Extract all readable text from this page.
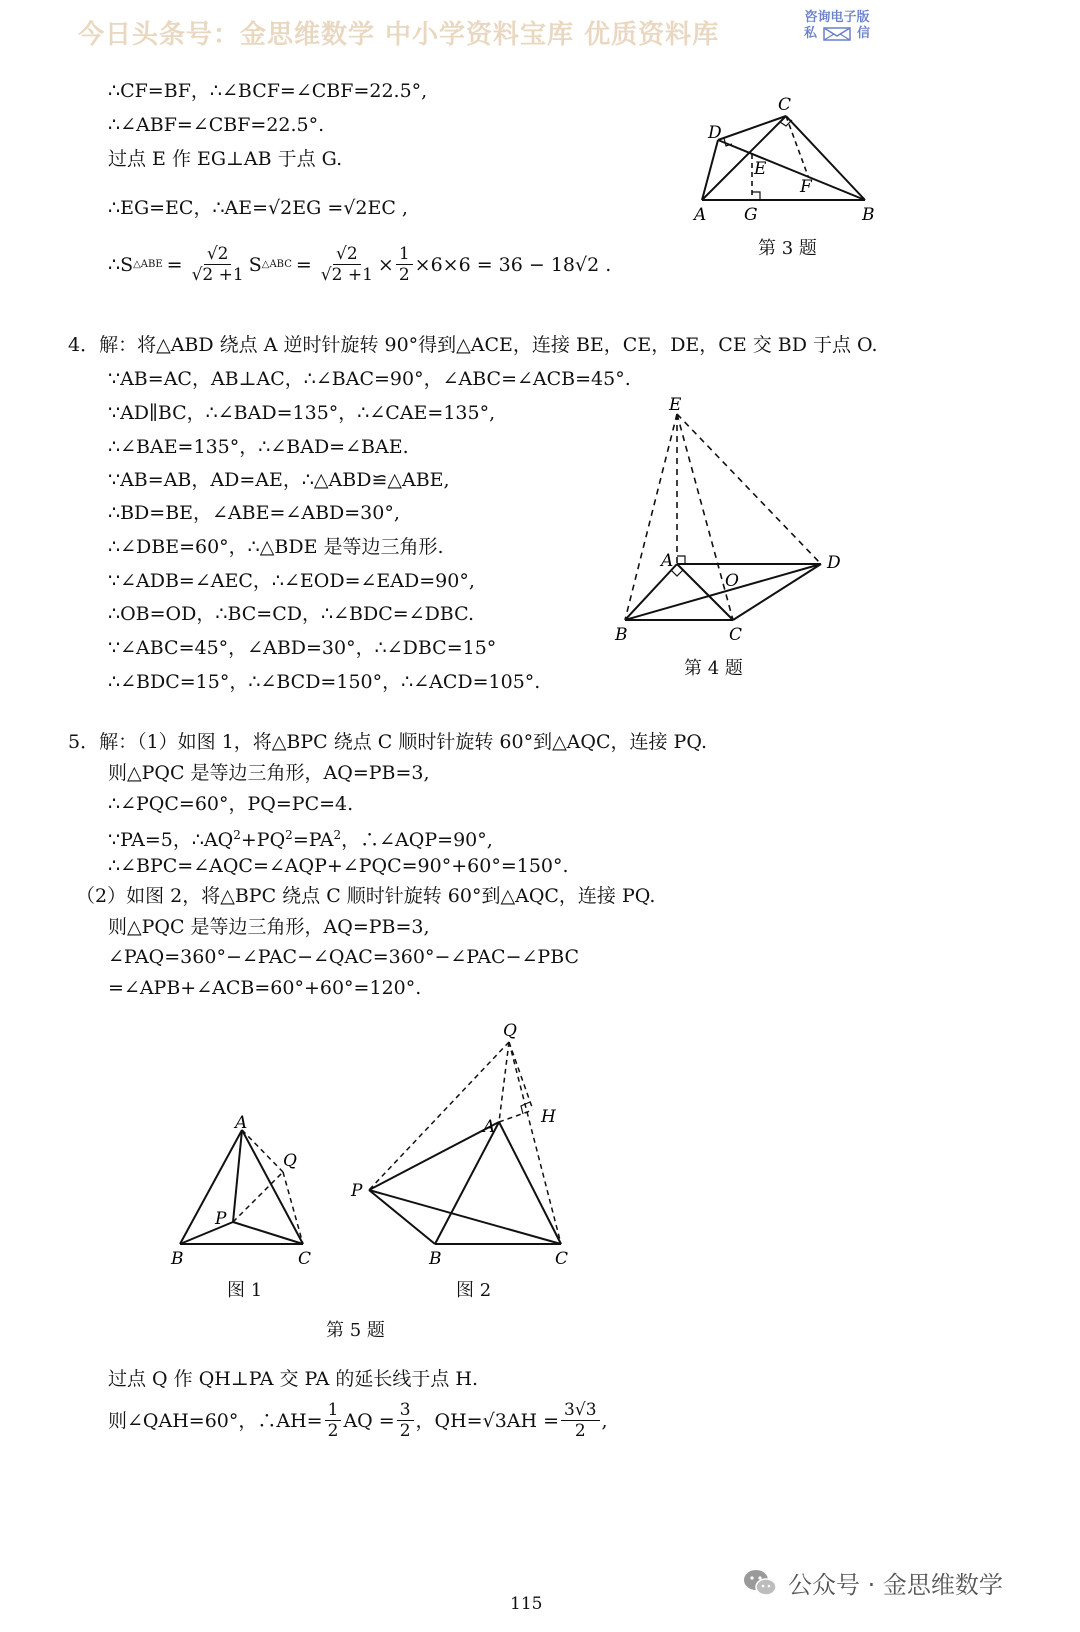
今日头条号：金思维数学 中小学资料宝库 优质资料库
咨询电子版
私	信
∴CF=BF，∴∠BCF=∠CBF=22.5°,
∴∠ABF=∠CBF=22.5°.
过点 E 作 EG⊥AB 于点 G.
∴EG=EC，∴AE=√2EG =√2EC ,
∴S △ABE = $\frac{√2}{√2 +1}$ S △ABC = $\frac{√2}{√2 +1} \times \frac{1}{2} \times 6\times 6 = 36 - 18√2$ .
C
D
E
F
A G	B
第 3 题
4．解：将△ABD 绕点 A 逆时针旋转 90°得到△ACE，连接 BE，CE，DE，CE 交 BD 于点 O.
∵AB=AC，AB⊥AC，∴∠BAC=90°，∠ABC=∠ACB=45°.
∵AD∥BC，∴∠BAD=135°，∴∠CAE=135°,
∴∠BAE=135°，∴∠BAD=∠BAE.
∵AB=AB，AD=AE，∴△ABD≌△ABE,
∴BD=BE，∠ABE=∠ABD=30°,
∴∠DBE=60°，∴△BDE 是等边三角形.
∵∠ADB=∠AEC，∴∠EOD=∠EAD=90°,
∴OB=OD，∴BC=CD，∴∠BDC=∠DBC.
∵∠ABC=45°，∠ABD=30°，∴∠DBC=15°
∴∠BDC=15°，∴∠BCD=150°，∴∠ACD=105°.
E
A
O
D
B	C
第 4 题
5．解：（1）如图 1，将△BPC 绕点 C 顺时针旋转 60°到△AQC，连接 PQ.
则△PQC 是等边三角形，AQ=PB=3,
∴∠PQC=60°，PQ=PC=4.
∵PA=5，$\therefore AQ^2+PQ^2=PA^2$，∴∠AQP=90°,
∴∠BPC=∠AQC=∠AQP+∠PQC=90°+60°=150°.
（2）如图 2，将△BPC 绕点 C 顺时针旋转 60°到△AQC，连接 PQ.
则△PQC 是等边三角形，AQ=PB=3,
∠PAQ=360°−∠PAC−∠QAC=360°−∠PAC−∠PBC
=∠APB+∠ACB=60°+60°=120°.
A
Q
P
B	C
图 1
Q
H
A
P
B	C
图 2
第 5 题
过点 Q 作 QH⊥PA 交 PA 的延长线于点 H.
则∠QAH=60°，∴AH= $\frac{1}{2}$ AQ = $\frac{3}{2}$ ，$QH=√3AH = \frac{3√3}{2}$ ,
公众号 · 金思维数学
115
